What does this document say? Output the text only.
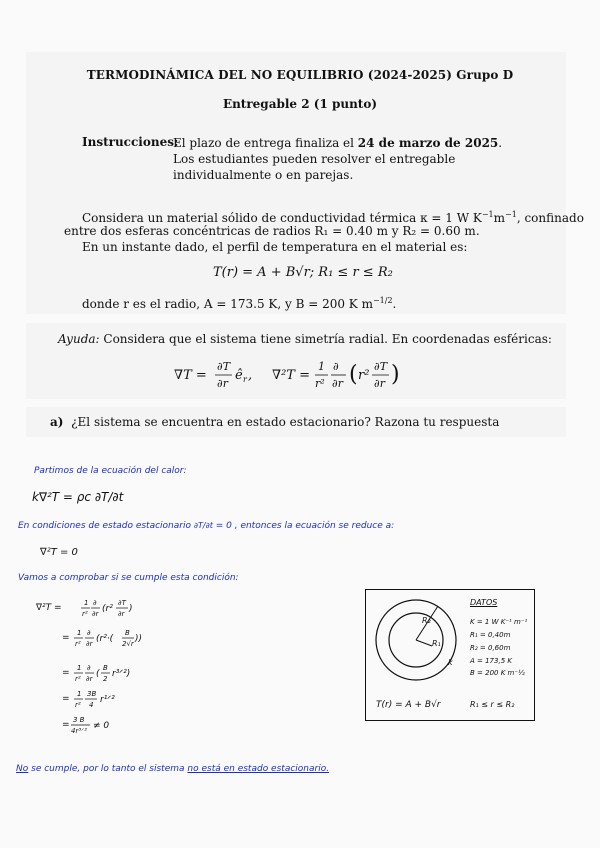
TERMODINÁMICA DEL NO EQUILIBRIO (2024-2025) Grupo D
Entregable 2 (1 punto)
Instrucciones:
El plazo de entrega finaliza el 24 de marzo de 2025. Los estudiantes pueden resolver el entregable individualmente o en parejas.
Considera un material sólido de conductividad térmica κ = 1 W $K^{-1}m^{-1}$, confinado
entre dos esferas concéntricas de radios R₁ = 0.40 m y R₂ = 0.60 m.
En un instante dado, el perfil de temperatura en el material es:
T(r) = A + B√r; R₁ ≤ r ≤ R₂
donde r es el radio, A = 173.5 K, y B = 200 K $m^{-1/2}$.
Ayuda: Considera que el sistema tiene simetría radial. En coordenadas esféricas:
∇T =
∂T
∂r
ê r , ∇²T =
1
r²
∂
∂r ( r²
∂T
∂r )
a) ¿El sistema se encuentra en estado estacionario? Razona tu respuesta
Partimos de la ecuación del calor:
k∇²T = ρc ∂T/∂t
En condiciones de estado estacionario ∂T/∂t = 0 , entonces la ecuación se reduce a:
∇²T = 0
Vamos a comprobar si se cumple esta condición:
∇²T =	1
r²
∂
∂r (r²
∂T
∂r )
= 1
r²
∂
∂r (r²·(
B
2√r ))
= 1
r²
∂
∂r (
B
2 r³ᐟ²)
= 1
r²
3B
4 r¹ᐟ²
= 3 B
4r³ᐟ² ≠ 0
No se cumple, por lo tanto el sistema no está en estado estacionario.
R₂
R₁
k
DATOS
K = 1 W K⁻¹ m⁻¹
R₁ = 0,40m
R₂ = 0,60m
A = 173,5 K
B = 200 K m⁻½
T(r) = A + B√r	R₁ ≤ r ≤ R₂
